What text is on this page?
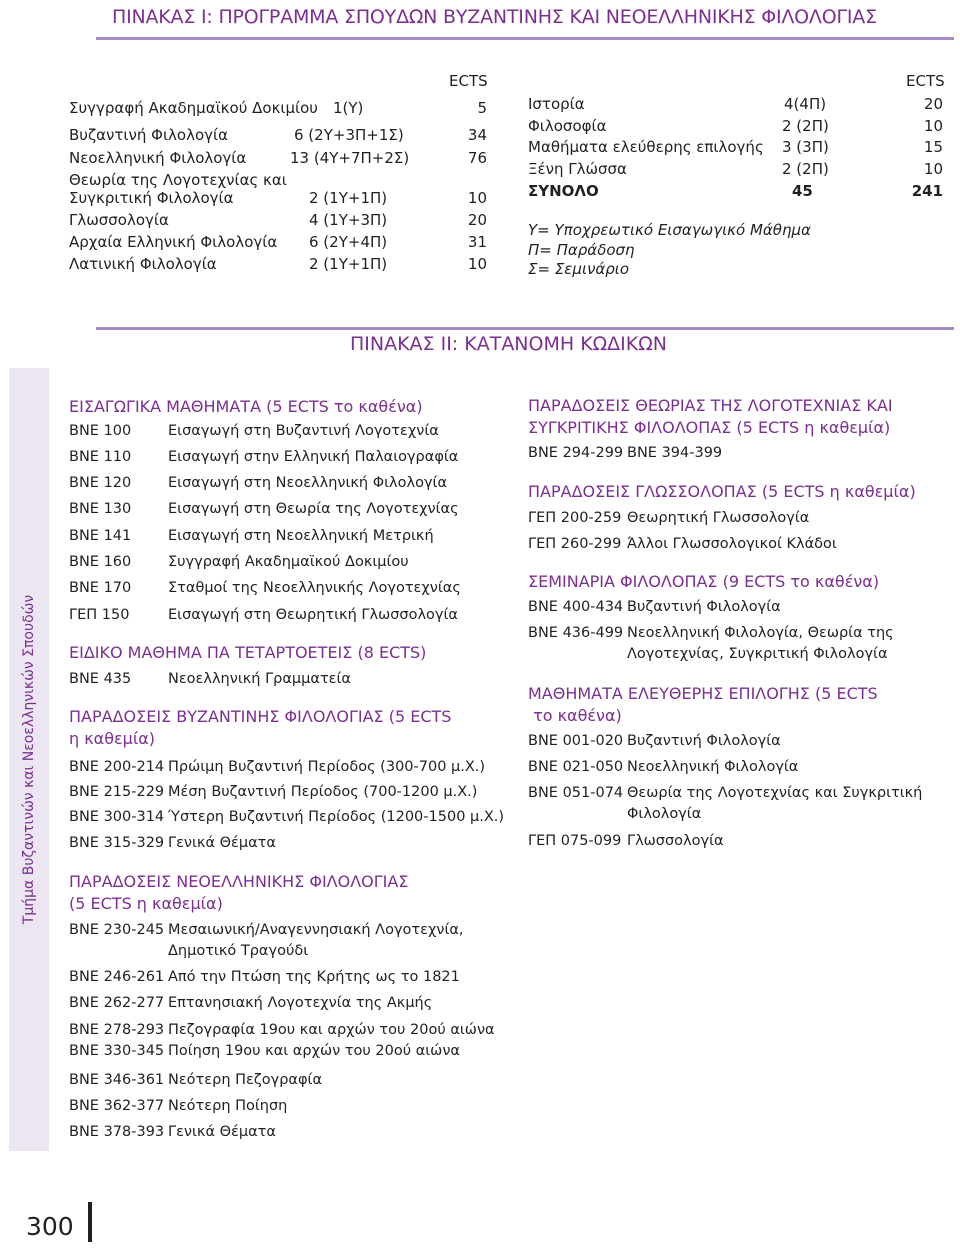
ΠΙΝΑΚΑΣ Ι: ΠΡΟΓΡΑΜΜΑ ΣΠΟΥΔΩΝ ΒΥΖΑΝΤΙΝΗΣ ΚΑΙ ΝΕΟΕΛΛΗΝΙΚΗΣ ΦΙΛΟΛΟΓΙΑΣ
ECTS
Συγγραφή Ακαδημαϊκού Δοκιμίου 1(Υ)	5
Βυζαντινή Φιλολογία	6 (2Υ+3Π+1Σ)	34
Νεοελληνική Φιλολογία	13 (4Υ+7Π+2Σ)	76
Θεωρία της Λογοτεχνίας και
Συγκριτική Φιλολογία	2 (1Υ+1Π)	10
Γλωσσολογία	4 (1Υ+3Π)	20
Αρχαία Ελληνική Φιλολογία 6 (2Υ+4Π)	31
Λατινική Φιλολογία	2 (1Υ+1Π)	10
ECTS
Ιστορία	4(4Π)	20
Φιλοσοφία	2 (2Π)	10
Μαθήματα ελεύθερης επιλογής 3 (3Π)	15
Ξένη Γλώσσα	2 (2Π)	10
ΣΥΝΟΛΟ	45	241
Υ= Υποχρεωτικό Εισαγωγικό Μάθημα
Π= Παράδοση
Σ= Σεμινάριο
ΠΙΝΑΚΑΣ ΙΙ: ΚΑΤΑΝΟΜΗ ΚΩΔΙΚΩΝ
Τμήμα Βυζαντινών και Νεοελληνικών Σπουδών
ΕΙΣΑΓΩΓΙΚΑ ΜΑΘΗΜΑΤΑ (5 ECTS το καθένα)
ΒΝΕ 100	Εισαγωγή στη Βυζαντινή Λογοτεχνία
ΒΝΕ 110	Εισαγωγή στην Ελληνική Παλαιογραφία
ΒΝΕ 120	Εισαγωγή στη Νεοελληνική Φιλολογία
ΒΝΕ 130	Εισαγωγή στη Θεωρία της Λογοτεχνίας
ΒΝΕ 141	Εισαγωγή στη Νεοελληνική Μετρική
ΒΝΕ 160	Συγγραφή Ακαδημαϊκού Δοκιμίου
ΒΝΕ 170	Σταθμοί της Νεοελληνικής Λογοτεχνίας
ΓΕΠ 150	Εισαγωγή στη Θεωρητική Γλωσσολογία
ΕΙΔΙΚΟ ΜΑΘΗΜΑ ΠΑ ΤΕΤΑΡΤΟΕΤΕΙΣ (8 ECTS)
ΒΝΕ 435	Νεοελληνική Γραμματεία
ΠΑΡΑΔΟΣΕΙΣ ΒΥΖΑΝΤΙΝΗΣ ΦΙΛΟΛΟΓΙΑΣ (5 ECTS
η καθεμία)
ΒΝΕ 200-214 Πρώιμη Βυζαντινή Περίοδος (300-700 μ.Χ.)
ΒΝΕ 215-229 Μέση Βυζαντινή Περίοδος (700-1200 μ.Χ.)
ΒΝΕ 300-314 Ύστερη Βυζαντινή Περίοδος (1200-1500 μ.Χ.)
ΒΝΕ 315-329 Γενικά Θέματα
ΠΑΡΑΔΟΣΕΙΣ ΝΕΟΕΛΛΗΝΙΚΗΣ ΦΙΛΟΛΟΓΙΑΣ
(5 ECTS η καθεμία)
ΒΝΕ 230-245 Μεσαιωνική/Αναγεννησιακή Λογοτεχνία,
Δημοτικό Τραγούδι
ΒΝΕ 246-261 Από την Πτώση της Κρήτης ως το 1821
ΒΝΕ 262-277 Επτανησιακή Λογοτεχνία της Ακμής
ΒΝΕ 278-293 Πεζογραφία 19ου και αρχών του 20ού αιώνα
ΒΝΕ 330-345 Ποίηση 19ου και αρχών του 20ού αιώνα
ΒΝΕ 346-361 Νεότερη Πεζογραφία
ΒΝΕ 362-377 Νεότερη Ποίηση
ΒΝΕ 378-393 Γενικά Θέματα
ΠΑΡΑΔΟΣΕΙΣ ΘΕΩΡΙΑΣ ΤΗΣ ΛΟΓΟΤΕΧΝΙΑΣ ΚΑΙ
ΣΥΓΚΡΙΤΙΚΗΣ ΦΙΛΟΛΟΠΑΣ (5 ECTS η καθεμία)
ΒΝΕ 294-299 ΒΝΕ 394-399
ΠΑΡΑΔΟΣΕΙΣ ΓΛΩΣΣΟΛΟΠΑΣ (5 ECTS η καθεμία)
ΓΕΠ 200-259 Θεωρητική Γλωσσολογία
ΓΕΠ 260-299 Άλλοι Γλωσσολογικοί Κλάδοι
ΣΕΜΙΝΑΡΙΑ ΦΙΛΟΛΟΠΑΣ (9 ECTS το καθένα)
ΒΝΕ 400-434 Βυζαντινή Φιλολογία
ΒΝΕ 436-499 Νεοελληνική Φιλολογία, Θεωρία της
Λογοτεχνίας, Συγκριτική Φιλολογία
ΜΑΘΗΜΑΤΑ ΕΛΕΥΘΕΡΗΣ ΕΠΙΛΟΓΗΣ (5 ECTS
το καθένα)
ΒΝΕ 001-020 Βυζαντινή Φιλολογία
ΒΝΕ 021-050 Νεοελληνική Φιλολογία
ΒΝΕ 051-074 Θεωρία της Λογοτεχνίας και Συγκριτική
Φιλολογία
ΓΕΠ 075-099 Γλωσσολογία
300
